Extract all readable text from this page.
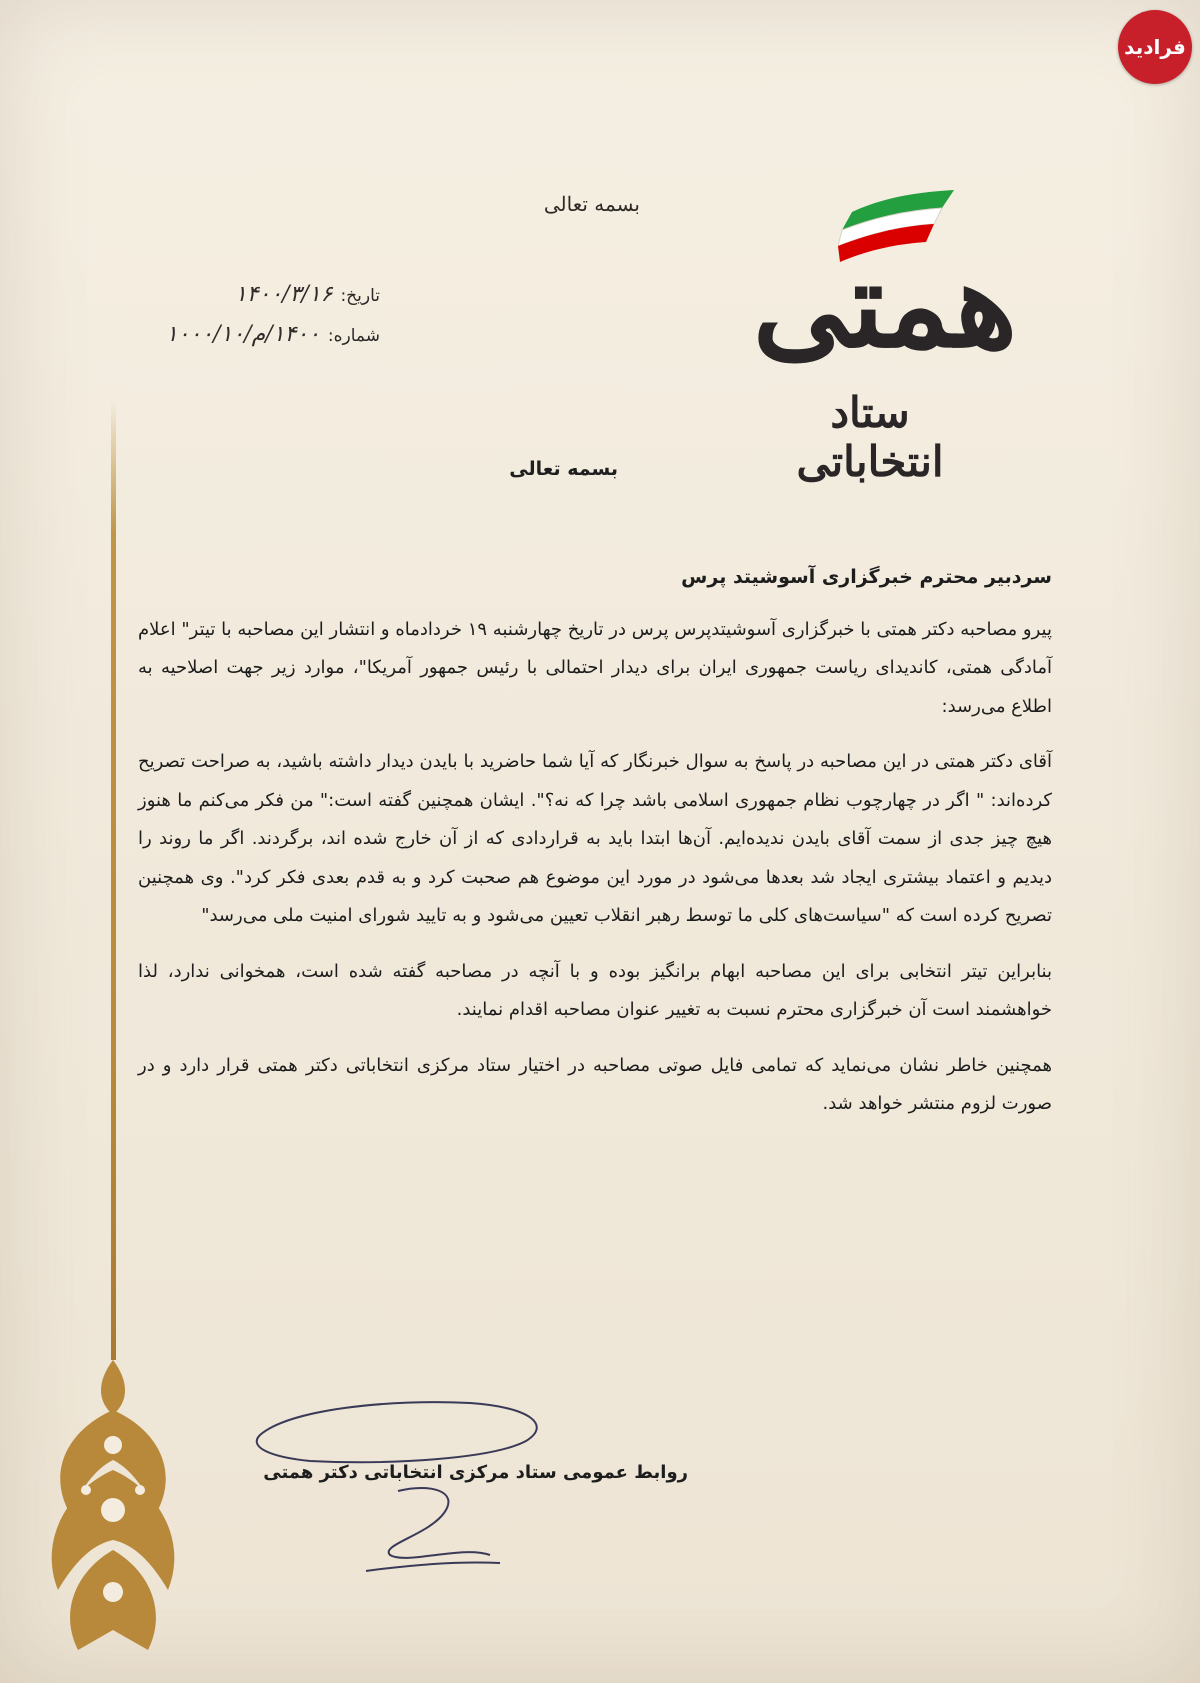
فرادید
بسمه تعالی
همتی
ستاد انتخاباتی
تاریخ:
۱۴۰۰/۳/۱۶
شماره:
۱۴۰۰/م/۱۰۰۰/۱۰
بسمه تعالی

سردبیر محترم خبرگزاری آسوشیتد پرس

پیرو مصاحبه دکتر همتی با خبرگزاری آسوشیتدپرس پرس در تاریخ چهارشنبه ۱۹ خردادماه و انتشار این مصاحبه با تیتر" اعلام آمادگی همتی، کاندیدای ریاست جمهوری ایران برای دیدار احتمالی با رئیس جمهور آمریکا"، موارد زیر جهت اصلاحیه به اطلاع می‌رسد:

آقای دکتر همتی در این مصاحبه در پاسخ به سوال خبرنگار که آیا شما حاضرید با بایدن دیدار داشته باشید، به صراحت تصریح کرده‌اند: " اگر در چهارچوب نظام جمهوری اسلامی باشد چرا که نه؟". ایشان همچنین گفته است:" من فکر می‌کنم ما هنوز هیچ چیز جدی از سمت آقای بایدن ندیده‌ایم. آن‌ها ابتدا باید به قراردادی که از آن خارج شده اند، برگردند. اگر ما روند را دیدیم و اعتماد بیشتری ایجاد شد بعدها می‌شود در مورد این موضوع هم صحبت کرد و به قدم بعدی فکر کرد". وی همچنین تصریح کرده است که "سیاست‌های کلی ما توسط رهبر انقلاب تعیین می‌شود و به تایید شورای امنیت ملی می‌رسد"

بنابراین تیتر انتخابی برای این مصاحبه ابهام برانگیز بوده و با آنچه در مصاحبه گفته شده است، همخوانی ندارد، لذا خواهشمند است آن خبرگزاری محترم نسبت به تغییر عنوان مصاحبه اقدام نمایند.

همچنین خاطر نشان می‌نماید که تمامی فایل صوتی مصاحبه در اختیار ستاد مرکزی انتخاباتی دکتر همتی قرار دارد و در صورت لزوم منتشر خواهد شد.

روابط عمومی ستاد مرکزی انتخاباتی دکتر همتی
